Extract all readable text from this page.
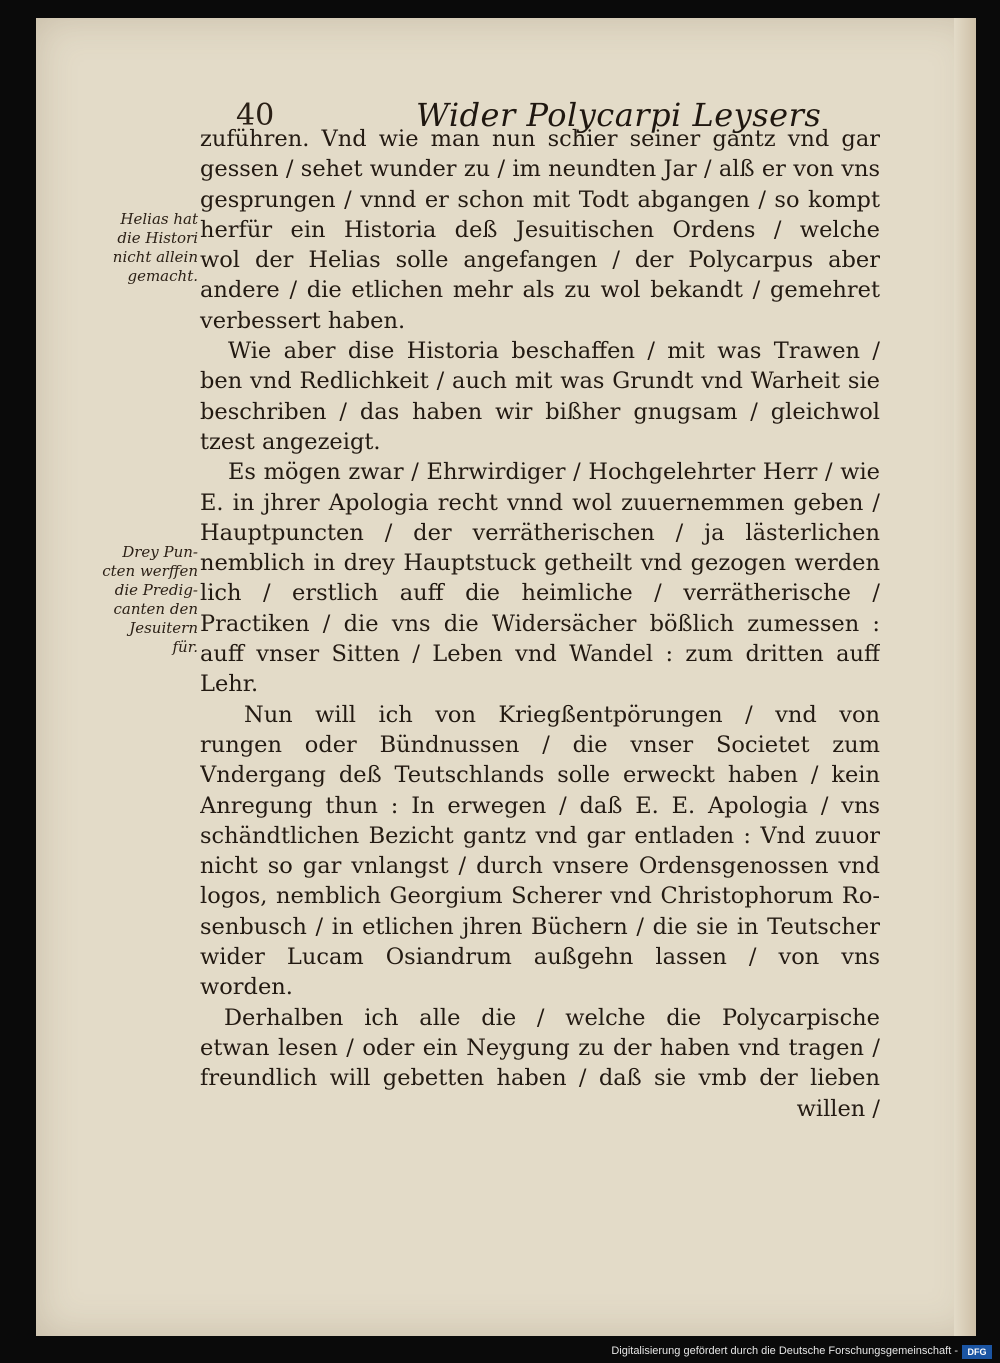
40	Wider Polycarpi Leysers
Helias hat
die Histori
nicht allein
gemacht.
Drey Pun-
cten werffen
die Predig-
canten den
Jesuitern
für.
zuführen. Vnd wie man nun schier seiner gantz vnd gar
gessen / sehet wunder zu / im neundten Jar / alß er von vns
gesprungen / vnnd er schon mit Todt abgangen / so kompt
herfür ein Historia deß Jesuitischen Ordens / welche
wol der Helias solle angefangen / der Polycarpus aber
andere / die etlichen mehr als zu wol bekandt / gemehret
verbessert haben.
Wie aber dise Historia beschaffen / mit was Trawen /
ben vnd Redlichkeit / auch mit was Grundt vnd Warheit sie
beschriben / das haben wir bißher gnugsam / gleichwol
tzest angezeigt.
Es mögen zwar / Ehrwirdiger / Hochgelehrter Herr / wie
E. in jhrer Apologia recht vnnd wol zuuernemmen geben /
Hauptpuncten / der verrätherischen / ja lästerlichen
nemblich in drey Hauptstuck getheilt vnd gezogen werden
lich / erstlich auff die heimliche / verrätherische /
Practiken / die vns die Widersächer bößlich zumessen :
auff vnser Sitten / Leben vnd Wandel : zum dritten auff
Lehr.
Nun will ich von Kriegßentpörungen / vnd von
rungen oder Bündnussen / die vnser Societet zum
Vndergang deß Teutschlands solle erweckt haben / kein
Anregung thun : In erwegen / daß E. E. Apologia / vns
schändtlichen Bezicht gantz vnd gar entladen : Vnd zuuor
nicht so gar vnlangst / durch vnsere Ordensgenossen vnd
logos, nemblich Georgium Scherer vnd Christophorum Ro-
senbusch / in etlichen jhren Büchern / die sie in Teutscher
wider Lucam Osiandrum außgehn lassen / von vns
worden.
Derhalben ich alle die / welche die Polycarpische
etwan lesen / oder ein Neygung zu der haben vnd tragen /
freundlich will gebetten haben / daß sie vmb der lieben
willen /
Digitalisierung gefördert durch die Deutsche Forschungsgemeinschaft -	DFG
